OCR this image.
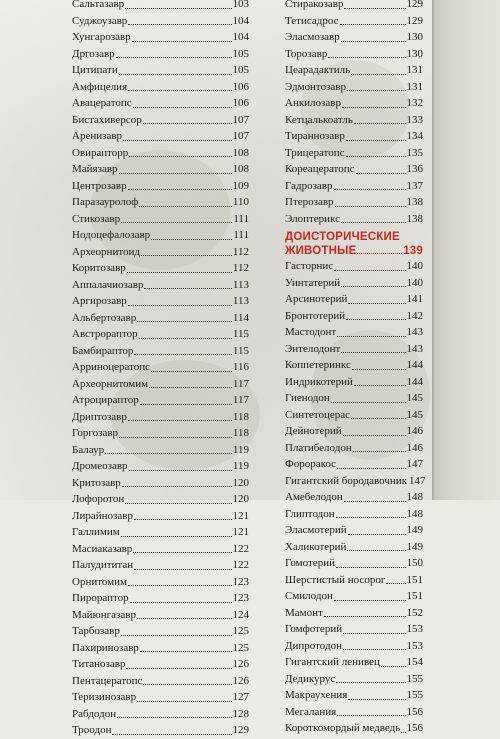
Сальтазавр	103
Суджоузавр	104
Хунгарозавр	104
Дргозавр	105
Цитипати	105
Амфицелия	106
Авацератопс	106
Бистахиверсор	107
Аренизавр	107
Овирапторр	108
Майязавр	108
Центрозавр	109
Паразауролоф	110
Стикозавр	111
Нодоцефалозавр	111
Археорнитоид	112
Коритозавр	112
Аппалачиозавр	113
Аргирозавр	113
Альбертозавр	114
Австрораптор	115
Бамбираптор	115
Арриноцератопс	116
Археорнитомим	117
Атроцираптор	117
Дриптозавр	118
Горгозавр	118
Балаур	119
Дромеозавр	119
Критозавр	120
Лофоротон	120
Лирайнозавр	121
Галлимим	121
Масиаказавр	122
Палудититан	122
Орнитомим	123
Пирораптор	123
Майюнгазавр	124
Тарбозавр	125
Пахиринозавр	125
Титанозавр	126
Пентацератопс	126
Теризинозавр	127
Рабдодон	128
Троодон	129
Стиракозавр	129
Тетисадрос	129
Эласмозавр	130
Торозавр	130
Цеарадактиль	131
Эдмонтозавр	131
Анкилозавр	132
Кетцалькоатль	133
Тираннозавр	134
Трицератопс	135
Кореацератопс	136
Гадрозавр	137
Птерозавр	138
Элоптерикс	138
ДОИСТОРИЧЕСКИЕ
ЖИВОТНЫЕ	139
Гасторнис	140
Уинтатерий	140
Арсинотерий	141
Бронтотерий	142
Мастодонт	143
Энтелодонт	143
Коппетеринкс	144
Индрикотерий	144
Гиенодон	145
Синтетоцерас	145
Дейнотерий	146
Платибелодон	146
Фороракос	147
Гигантский бородавочник 147
Амебелодон	148
Глиптодон	148
Эласмотерий	149
Халикотерий	149
Гомотерий	150
Шерстистый носорог 151
Смилодон	151
Мамонт	152
Гомфотерий	153
Дипротодон	153
Гигантский ленивец 154
Дедикурус	155
Макраухения	155
Мегалания	156
Короткомордый медведь 156
